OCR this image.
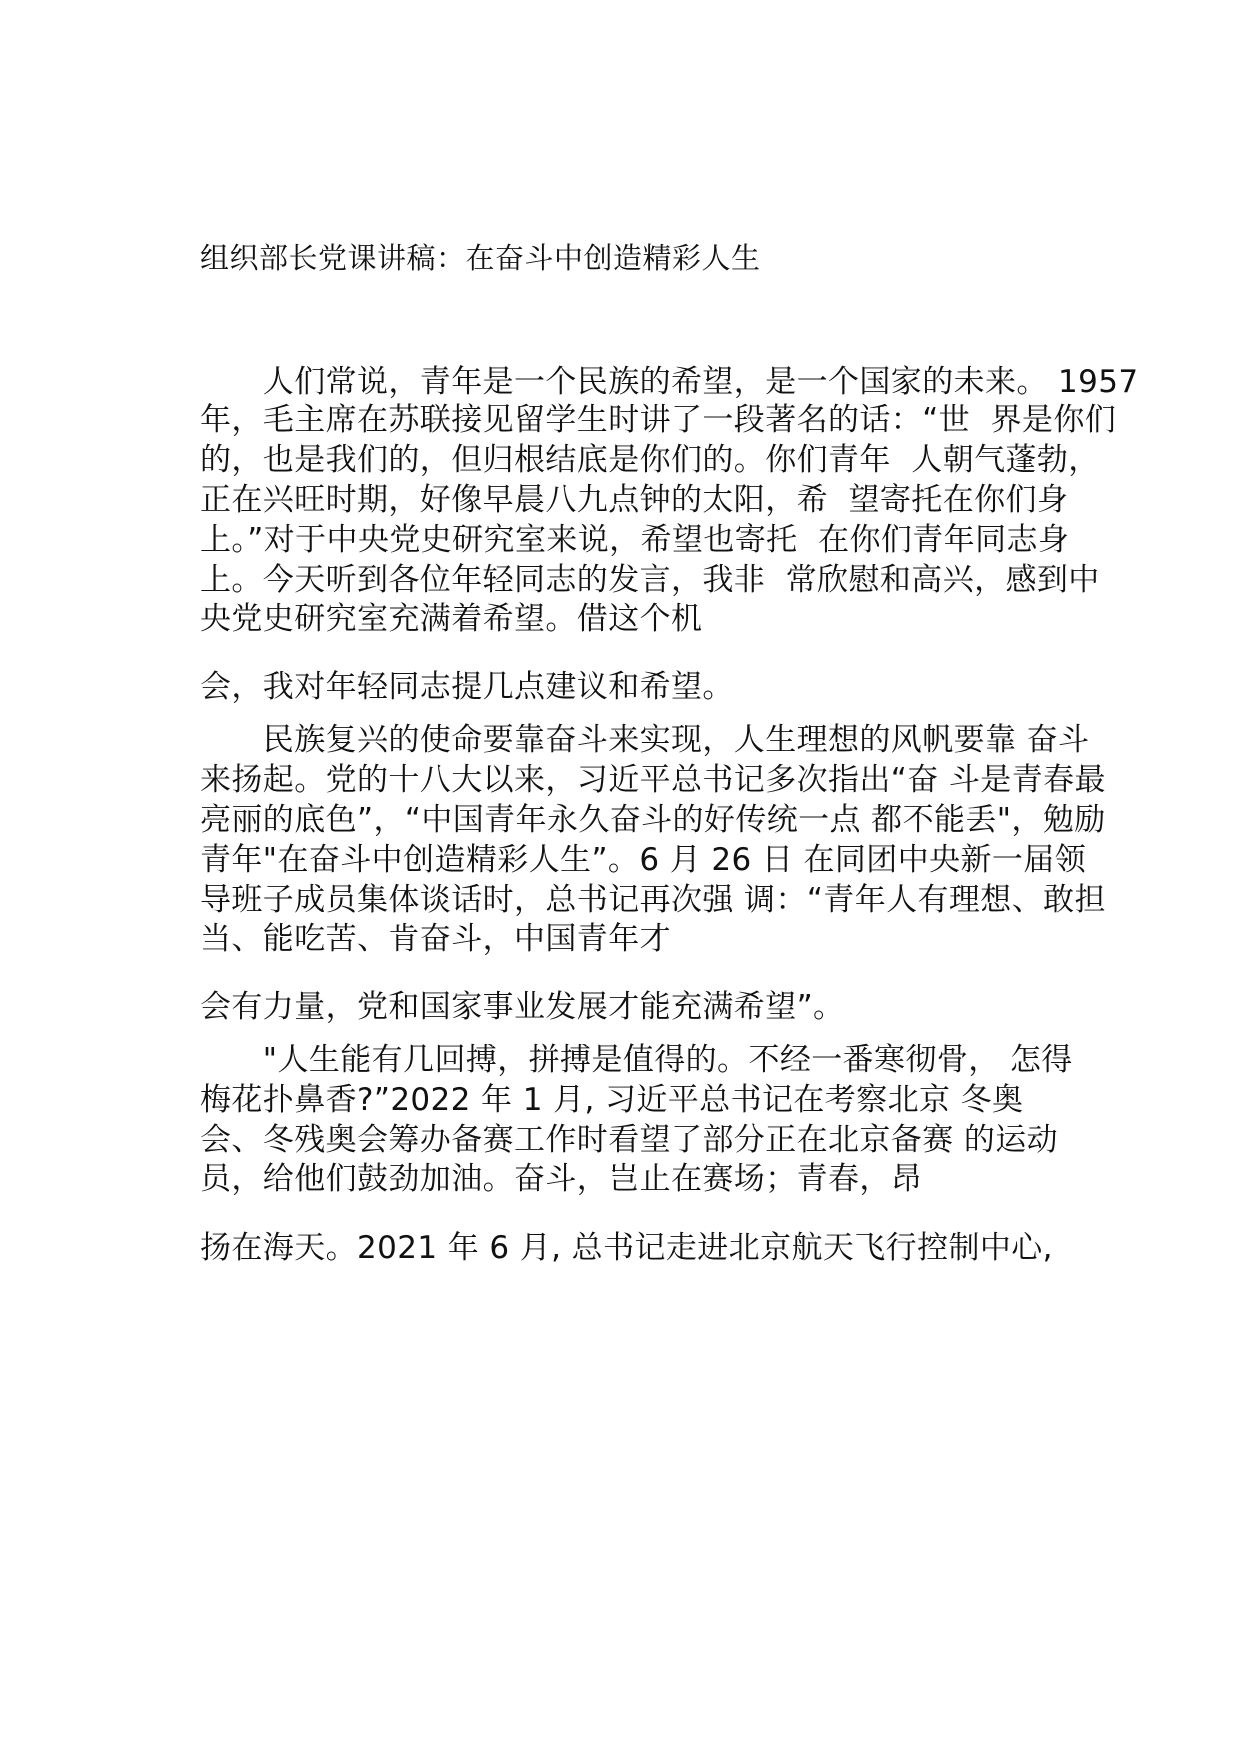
组织部长党课讲稿：在奋斗中创造精彩人生
　　人们常说，青年是一个民族的希望，是一个国家的未来。 1957
年，毛主席在苏联接见留学生时讲了一段著名的话：“世  界是你们
的，也是我们的，但归根结底是你们的。你们青年  人朝气蓬勃，
正在兴旺时期，好像早晨八九点钟的太阳，希  望寄托在你们身
上。”对于中央党史研究室来说，希望也寄托  在你们青年同志身
上。今天听到各位年轻同志的发言，我非  常欣慰和高兴，感到中
央党史研究室充满着希望。借这个机
会，我对年轻同志提几点建议和希望。
　　民族复兴的使命要靠奋斗来实现，人生理想的风帆要靠 奋斗
来扬起。党的十八大以来，习近平总书记多次指出“奋 斗是青春最
亮丽的底色”，“中国青年永久奋斗的好传统一点 都不能丢"，勉励
青年"在奋斗中创造精彩人生”。6 月 26 日 在同团中央新一届领
导班子成员集体谈话时，总书记再次强 调：“青年人有理想、敢担
当、能吃苦、肯奋斗，中国青年才
会有力量，党和国家事业发展才能充满希望”。
　　"人生能有几回搏，拼搏是值得的。不经一番寒彻骨， 怎得
梅花扑鼻香?”2022 年 1 月, 习近平总书记在考察北京 冬奥
会、冬残奥会筹办备赛工作时看望了部分正在北京备赛 的运动
员，给他们鼓劲加油。奋斗，岂止在赛场；青春，昂
扬在海天。2021 年 6 月, 总书记走进北京航天飞行控制中心,
